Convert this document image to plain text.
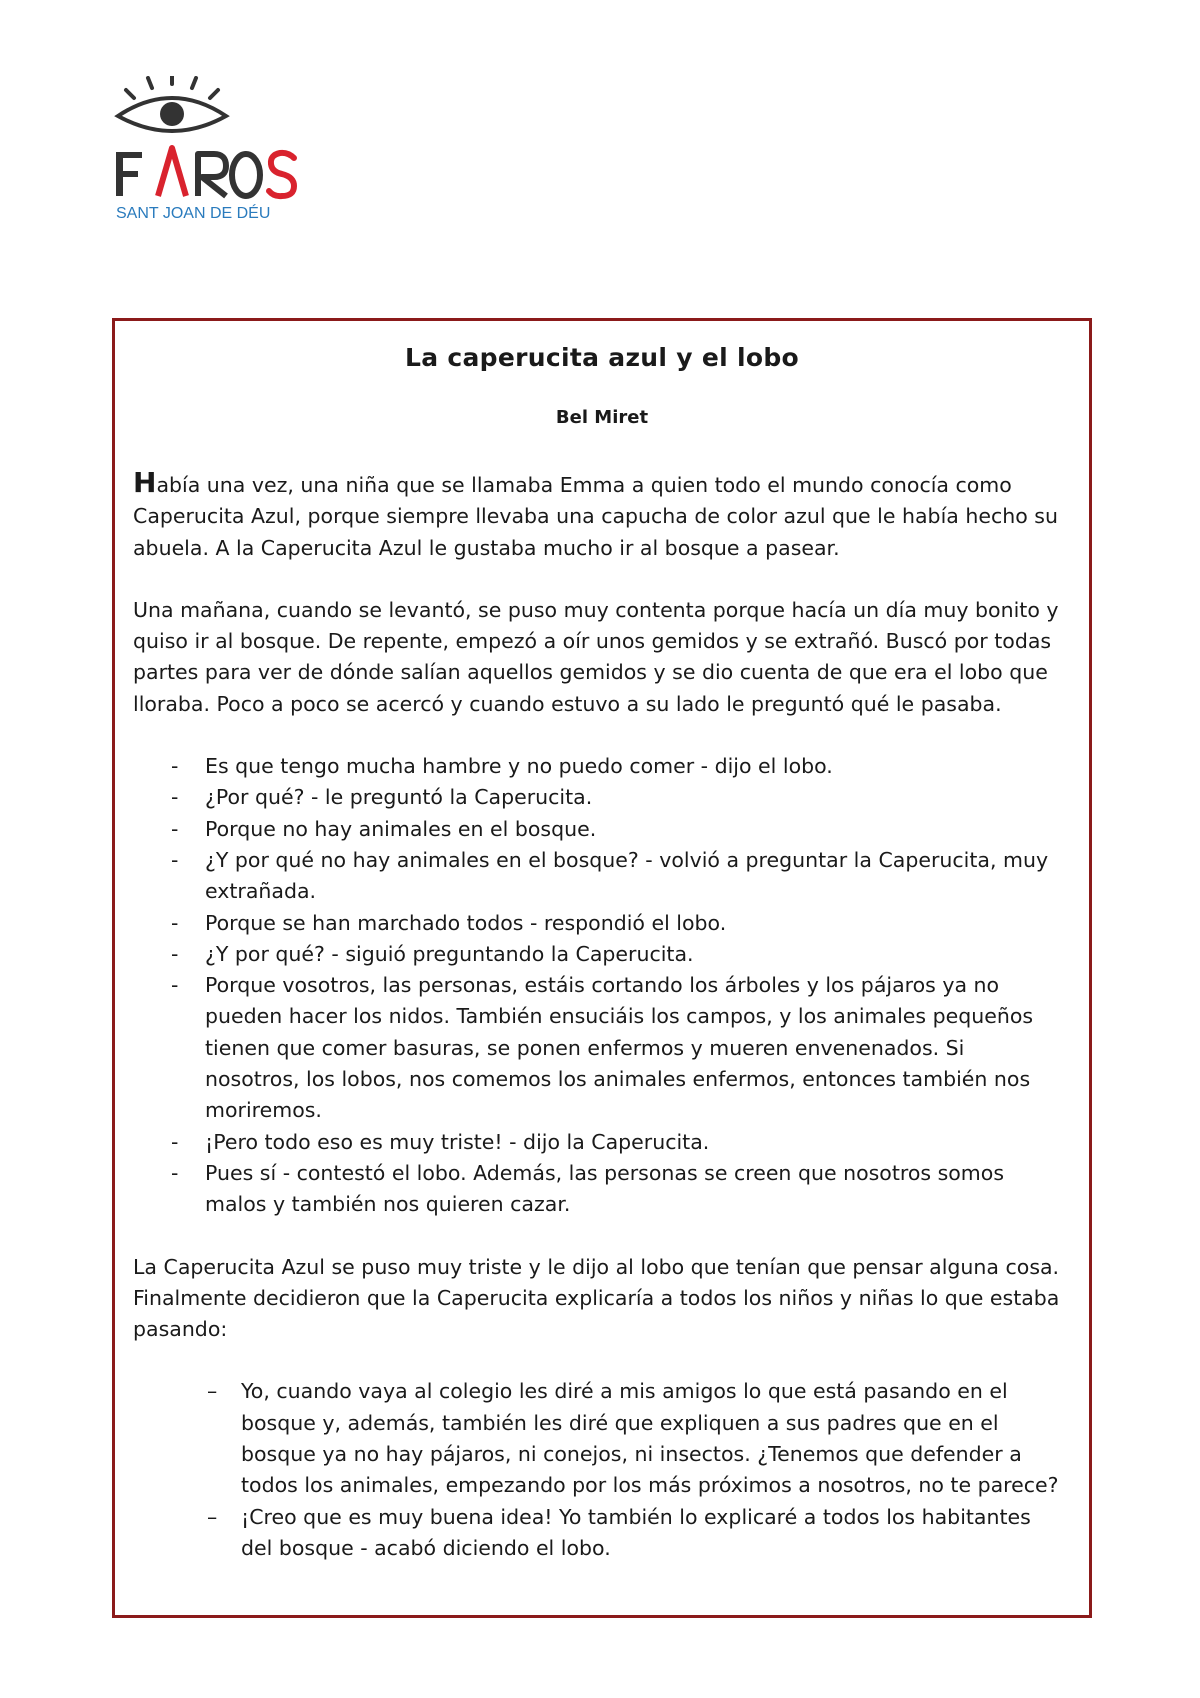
SANT JOAN DE DÉU
La caperucita azul y el lobo
Bel Miret

Había una vez, una niña que se llamaba Emma a quien todo el mundo conocía como Caperucita Azul, porque siempre llevaba una capucha de color azul que le había hecho su abuela. A la Caperucita Azul le gustaba mucho ir al bosque a pasear.

Una mañana, cuando se levantó, se puso muy contenta porque hacía un día muy bonito y quiso ir al bosque. De repente, empezó a oír unos gemidos y se extrañó. Buscó por todas partes para ver de dónde salían aquellos gemidos y se dio cuenta de que era el lobo que lloraba. Poco a poco se acercó y cuando estuvo a su lado le preguntó qué le pasaba.

- Es que tengo mucha hambre y no puedo comer - dijo el lobo.
- ¿Por qué? - le preguntó la Caperucita.
- Porque no hay animales en el bosque.
- ¿Y por qué no hay animales en el bosque? - volvió a preguntar la Caperucita, muy extrañada.
- Porque se han marchado todos - respondió el lobo.
- ¿Y por qué? - siguió preguntando la Caperucita.
- Porque vosotros, las personas, estáis cortando los árboles y los pájaros ya no pueden hacer los nidos. También ensuciáis los campos, y los animales pequeños tienen que comer basuras, se ponen enfermos y mueren envenenados. Si nosotros, los lobos, nos comemos los animales enfermos, entonces también nos moriremos.
- ¡Pero todo eso es muy triste! - dijo la Caperucita.
- Pues sí - contestó el lobo. Además, las personas se creen que nosotros somos malos y también nos quieren cazar.

La Caperucita Azul se puso muy triste y le dijo al lobo que tenían que pensar alguna cosa. Finalmente decidieron que la Caperucita explicaría a todos los niños y niñas lo que estaba pasando:

– Yo, cuando vaya al colegio les diré a mis amigos lo que está pasando en el bosque y, además, también les diré que expliquen a sus padres que en el bosque ya no hay pájaros, ni conejos, ni insectos. ¿Tenemos que defender a todos los animales, empezando por los más próximos a nosotros, no te parece?
– ¡Creo que es muy buena idea! Yo también lo explicaré a todos los habitantes del bosque - acabó diciendo el lobo.
